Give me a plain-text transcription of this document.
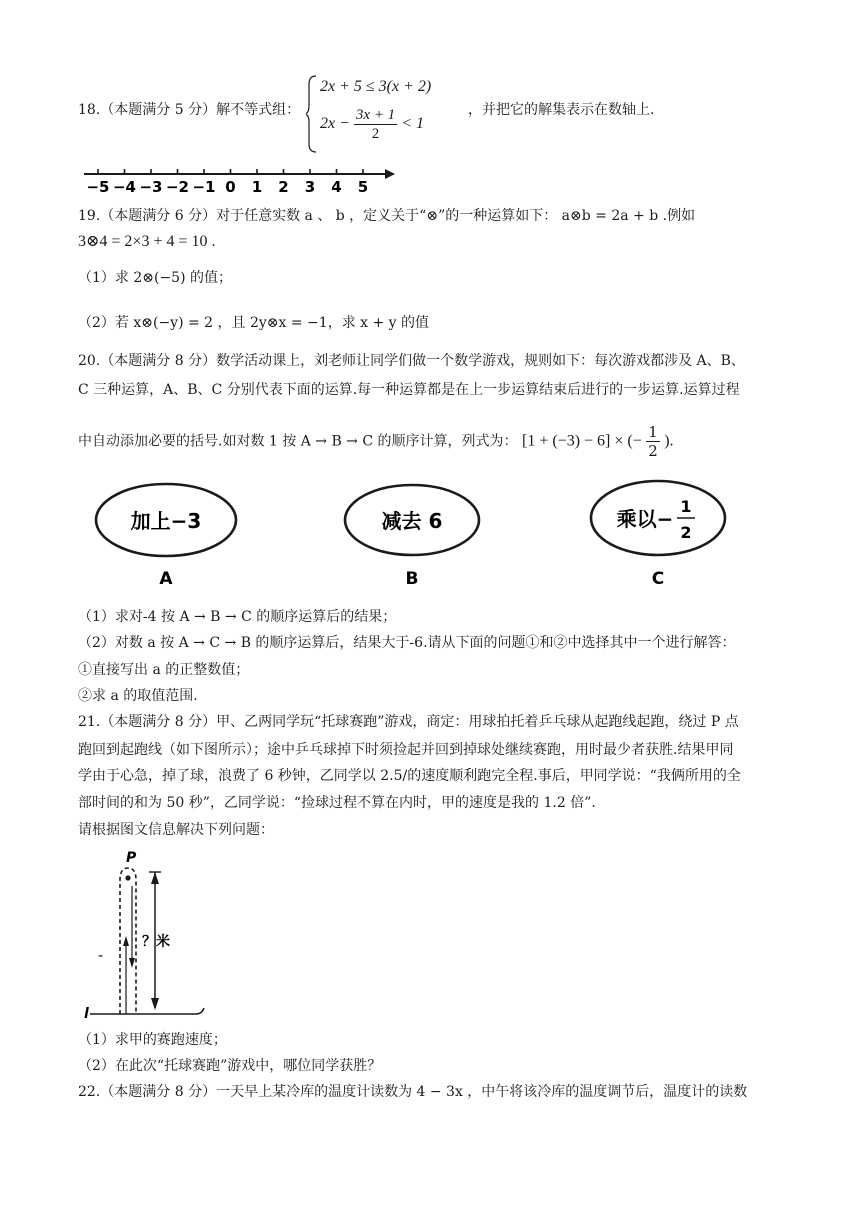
18.（本题满分 5 分）解不等式组：
2x + 5 ≤ 3(x + 2)
$2x - \frac{3x + 1}{2} < 1$
，并把它的解集表示在数轴上.
−5 −4 −3 −2 −1 0 1 2 3 4 5
19.（本题满分 6 分）对于任意实数 a 、 b ，定义关于“⊗”的一种运算如下： a⊗b = 2a + b .例如
3⊗4 = 2×3 + 4 = 10 .
（1）求 2⊗(−5) 的值；
（2）若 x⊗(−y) = 2 ，且 2y⊗x = −1，求 x + y 的值
20.（本题满分 8 分）数学活动课上，刘老师让同学们做一个数学游戏，规则如下：每次游戏都涉及 A、B、
C 三种运算，A、B、C 分别代表下面的运算.每一种运算都是在上一步运算结束后进行的一步运算.运算过程
中自动添加必要的括号.如对数 1 按 A → B → C 的顺序计算，列式为： [1 + (−3) − 6] × (− $\frac{1}{2}$ ).
加上−3
A
减去 6
B
乘以−
1
2
C
（1）求对-4 按 A → B → C 的顺序运算后的结果；
（2）对数 a 按 A → C → B 的顺序运算后，结果大于-6.请从下面的问题①和②中选择其中一个进行解答：
①直接写出 a 的正整数值；
②求 a 的取值范围.
21.（本题满分 8 分）甲、乙两同学玩“托球赛跑”游戏，商定：用球拍托着乒乓球从起跑线起跑，绕过 P 点
跑回到起跑线（如下图所示）；途中乒乓球掉下时须捡起并回到掉球处继续赛跑，用时最少者获胜.结果甲同
学由于心急，掉了球，浪费了 6 秒钟，乙同学以 2.5/的速度顺利跑完全程.事后，甲同学说：“我俩所用的全
部时间的和为 50 秒”，乙同学说：“捡球过程不算在内时，甲的速度是我的 1.2 倍”.
请根据图文信息解决下列问题：
P
-
？米
l
（1）求甲的赛跑速度；
（2）在此次“托球赛跑”游戏中，哪位同学获胜？
22.（本题满分 8 分）一天早上某冷库的温度计读数为 4 − 3x ，中午将该冷库的温度调节后，温度计的读数
